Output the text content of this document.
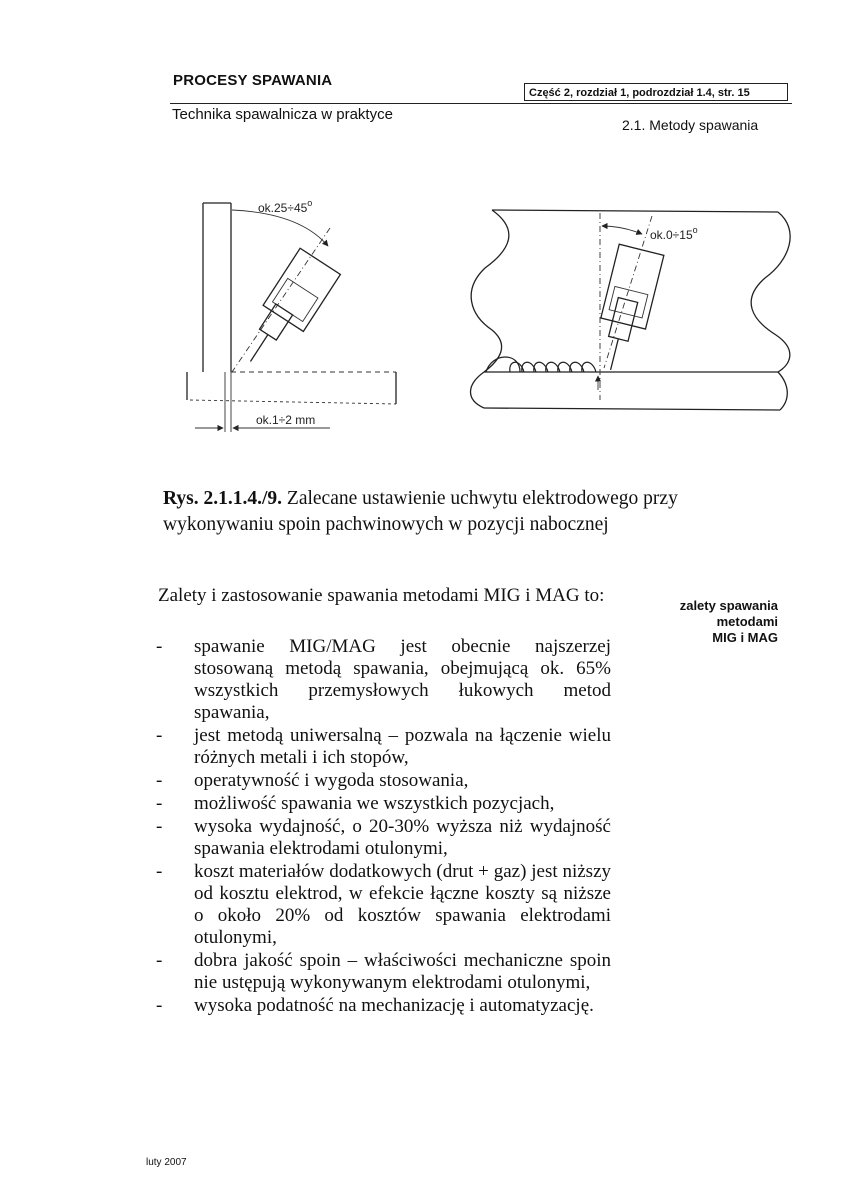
PROCESY SPAWANIA
Część 2, rozdział 1, podrozdział 1.4, str. 15
Technika spawalnicza w praktyce
2.1. Metody spawania
$ok.25\div 45^o$
ok.1÷2 mm
$ok.0\div 15^o$
Rys. 2.1.1.4./9. Zalecane ustawienie uchwytu elektrodowego przy wykonywaniu spoin pachwinowych w pozycji nabocznej
Zalety i zastosowanie spawania metodami MIG i MAG to:
- spawanie MIG/MAG jest obecnie najszerzej stosowaną metodą spawania, obejmującą ok. 65% wszystkich przemysłowych łukowych metod spawania,
- jest metodą uniwersalną – pozwala na łączenie wielu różnych metali i ich stopów,
- operatywność i wygoda stosowania,
- możliwość spawania we wszystkich pozycjach,
- wysoka wydajność, o 20-30% wyższa niż wydajność spawania elektrodami otulonymi,
- koszt materiałów dodatkowych (drut + gaz) jest niższy od kosztu elektrod, w efekcie łączne koszty są niższe o około 20% od kosztów spawania elektrodami otulonymi,
- dobra jakość spoin – właściwości mechaniczne spoin nie ustępują wykonywanym elektrodami otulonymi,
- wysoka podatność na mechanizację i automatyzację.
zalety spawania
metodami
MIG i MAG
luty 2007
